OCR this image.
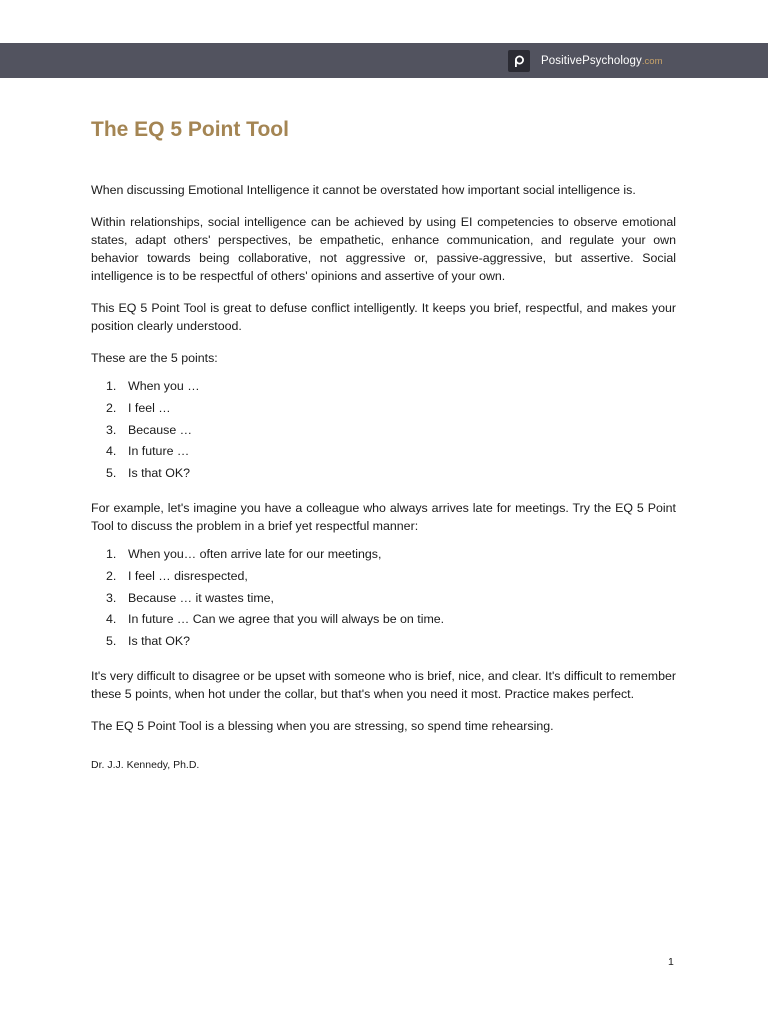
PositivePsychology .com
The EQ 5 Point Tool

When discussing Emotional Intelligence it cannot be overstated how important social intelligence is.

Within relationships, social intelligence can be achieved by using EI competencies to observe emotional states, adapt others' perspectives, be empathetic, enhance communication, and regulate your own behavior towards being collaborative, not aggressive or, passive-aggressive, but assertive. Social intelligence is to be respectful of others' opinions and assertive of your own.

This EQ 5 Point Tool is great to defuse conflict intelligently. It keeps you brief, respectful, and makes your position clearly understood.

These are the 5 points:

1. When you …
2. I feel …
3. Because …
4. In future …
5. Is that OK?

For example, let's imagine you have a colleague who always arrives late for meetings. Try the EQ 5 Point Tool to discuss the problem in a brief yet respectful manner:

1. When you… often arrive late for our meetings,
2. I feel … disrespected,
3. Because … it wastes time,
4. In future … Can we agree that you will always be on time.
5. Is that OK?

It's very difficult to disagree or be upset with someone who is brief, nice, and clear. It's difficult to remember these 5 points, when hot under the collar, but that's when you need it most. Practice makes perfect.

The EQ 5 Point Tool is a blessing when you are stressing, so spend time rehearsing.

Dr. J.J. Kennedy, Ph.D.
1
